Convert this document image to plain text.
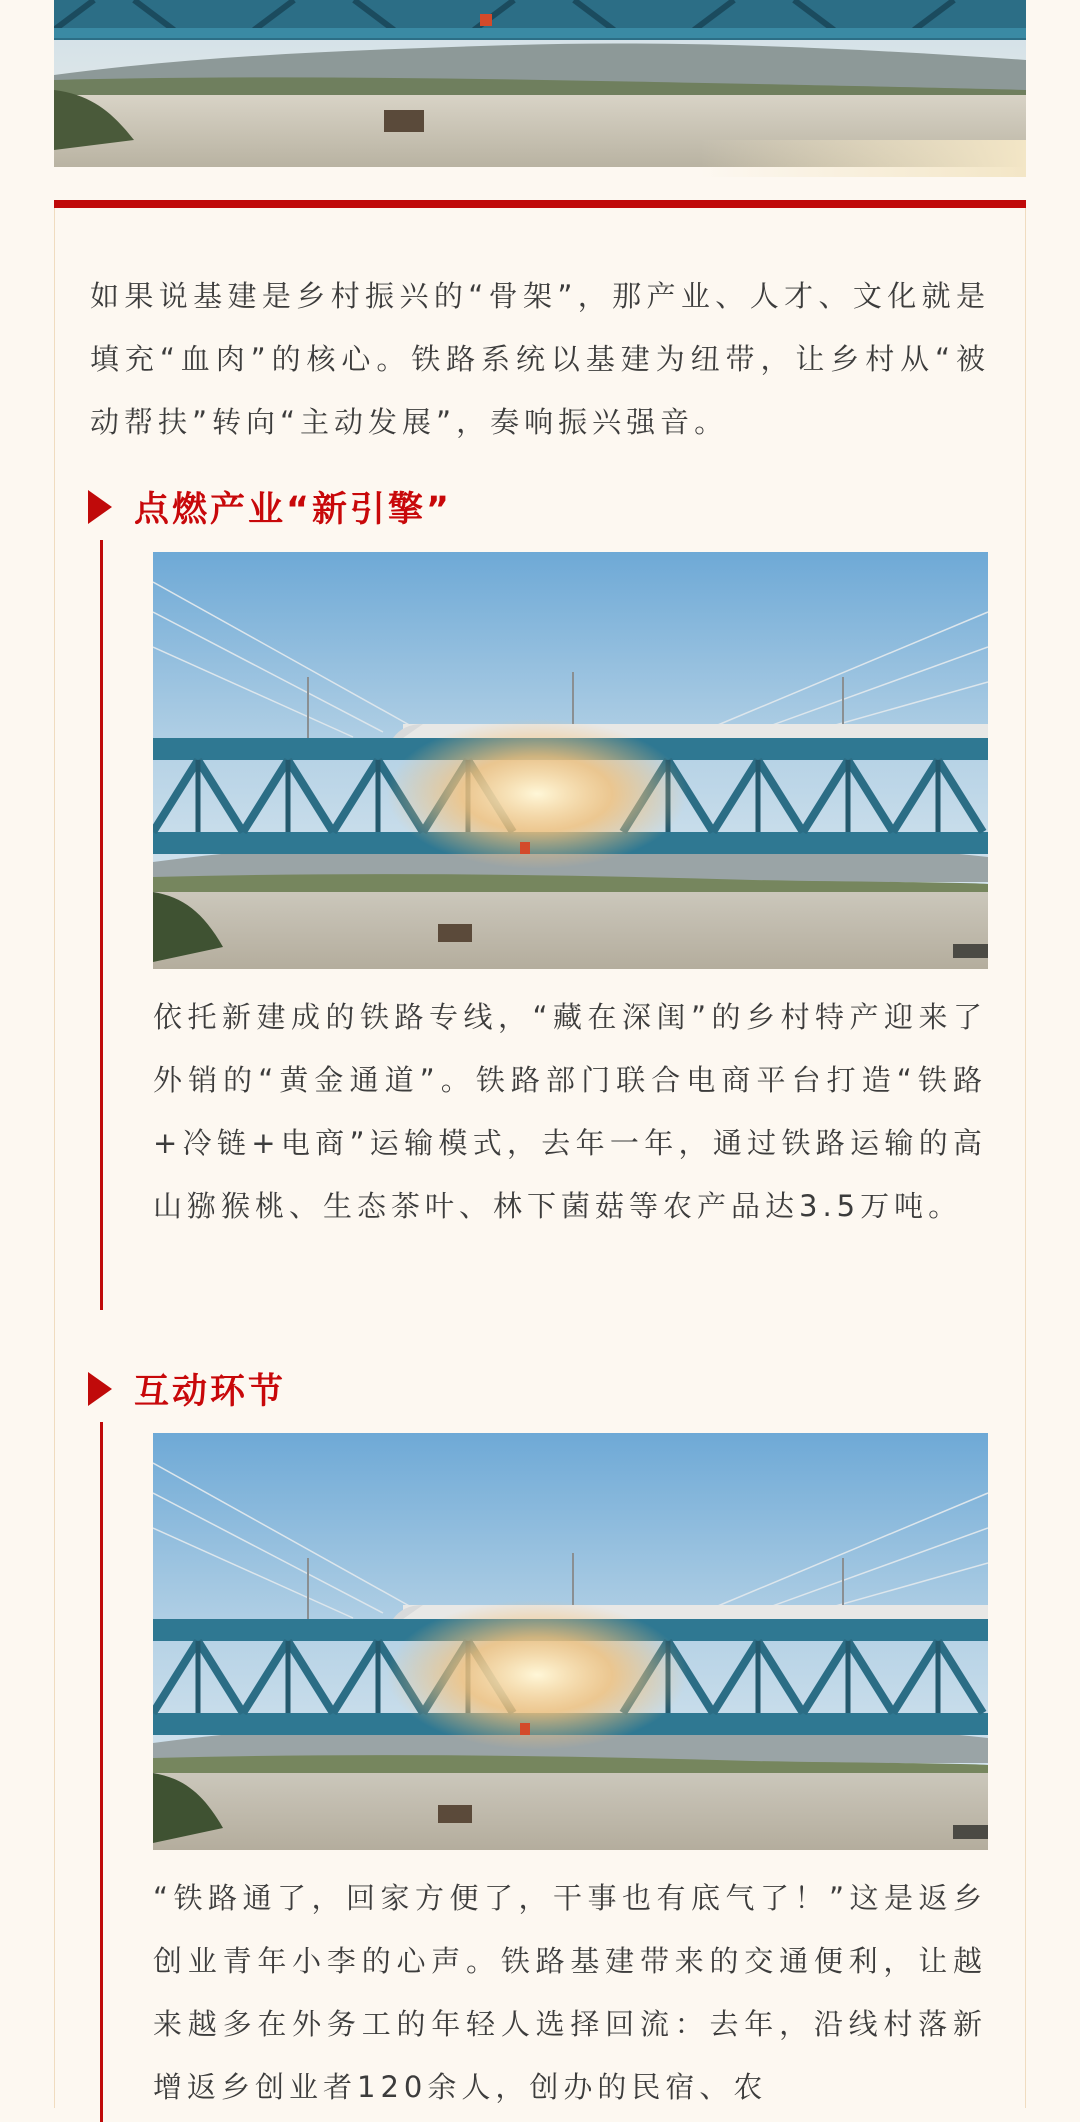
如果说基建是乡村振兴的“骨架”，那产业、人才、文化就是填充“血肉”的核心。铁路系统以基建为纽带，让乡村从“被动帮扶”转向“主动发展”，奏响振兴强音。

点燃产业“新引擎”

依托新建成的铁路专线，“藏在深闺”的乡村特产迎来了外销的“黄金通道”。铁路部门联合电商平台打造“铁路+冷链+电商”运输模式，去年一年，通过铁路运输的高山猕猴桃、生态茶叶、林下菌菇等农产品达3.5万吨。

互动环节

“铁路通了，回家方便了，干事也有底气了！”这是返乡创业青年小李的心声。铁路基建带来的交通便利，让越来越多在外务工的年轻人选择回流：去年，沿线村落新增返乡创业者120余人，创办的民宿、农
